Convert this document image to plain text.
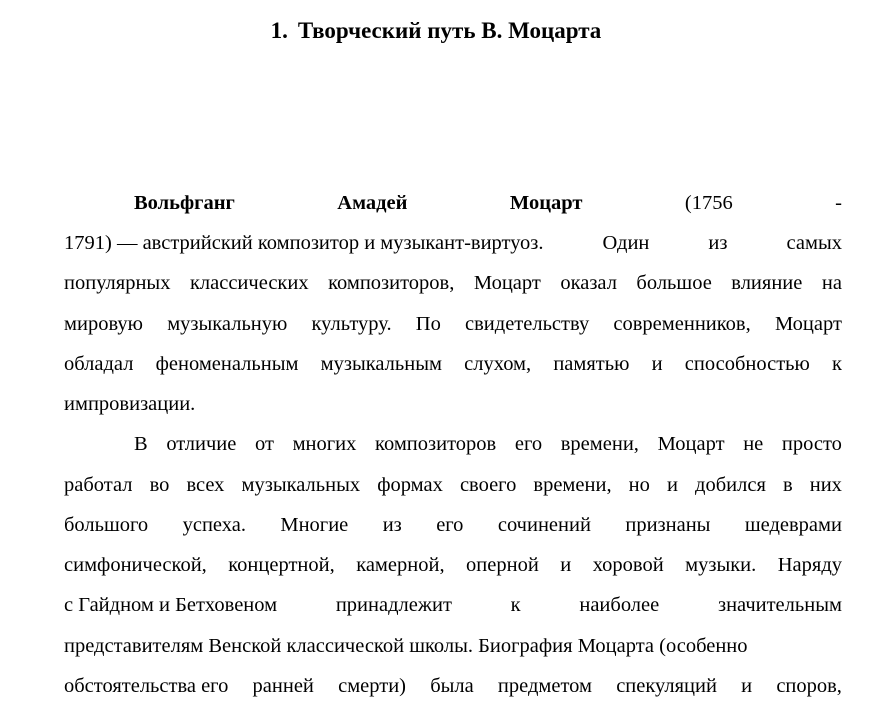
1. Творческий путь В. Моцарта
Вольфганг	Амадей	Моцарт	(1756	-
1791) — австрийский композитор и музыкант-виртуоз.	Один	из	самых
популярных классических композиторов, Моцарт оказал большое влияние на
мировую музыкальную культуру. По свидетельству современников, Моцарт
обладал феноменальным музыкальным слухом, памятью и способностью к
импровизации.
В отличие от многих композиторов его времени, Моцарт не просто
работал во всех музыкальных формах своего времени, но и добился в них
большого успеха. Многие из его сочинений признаны шедеврами
симфонической, концертной, камерной, оперной и хоровой музыки. Наряду
с Гайдном и Бетховеном	принадлежит	к	наиболее	значительным
представителям Венской классической школы. Биография Моцарта (особенно
обстоятельства его ранней смерти) была предметом спекуляций и споров,
